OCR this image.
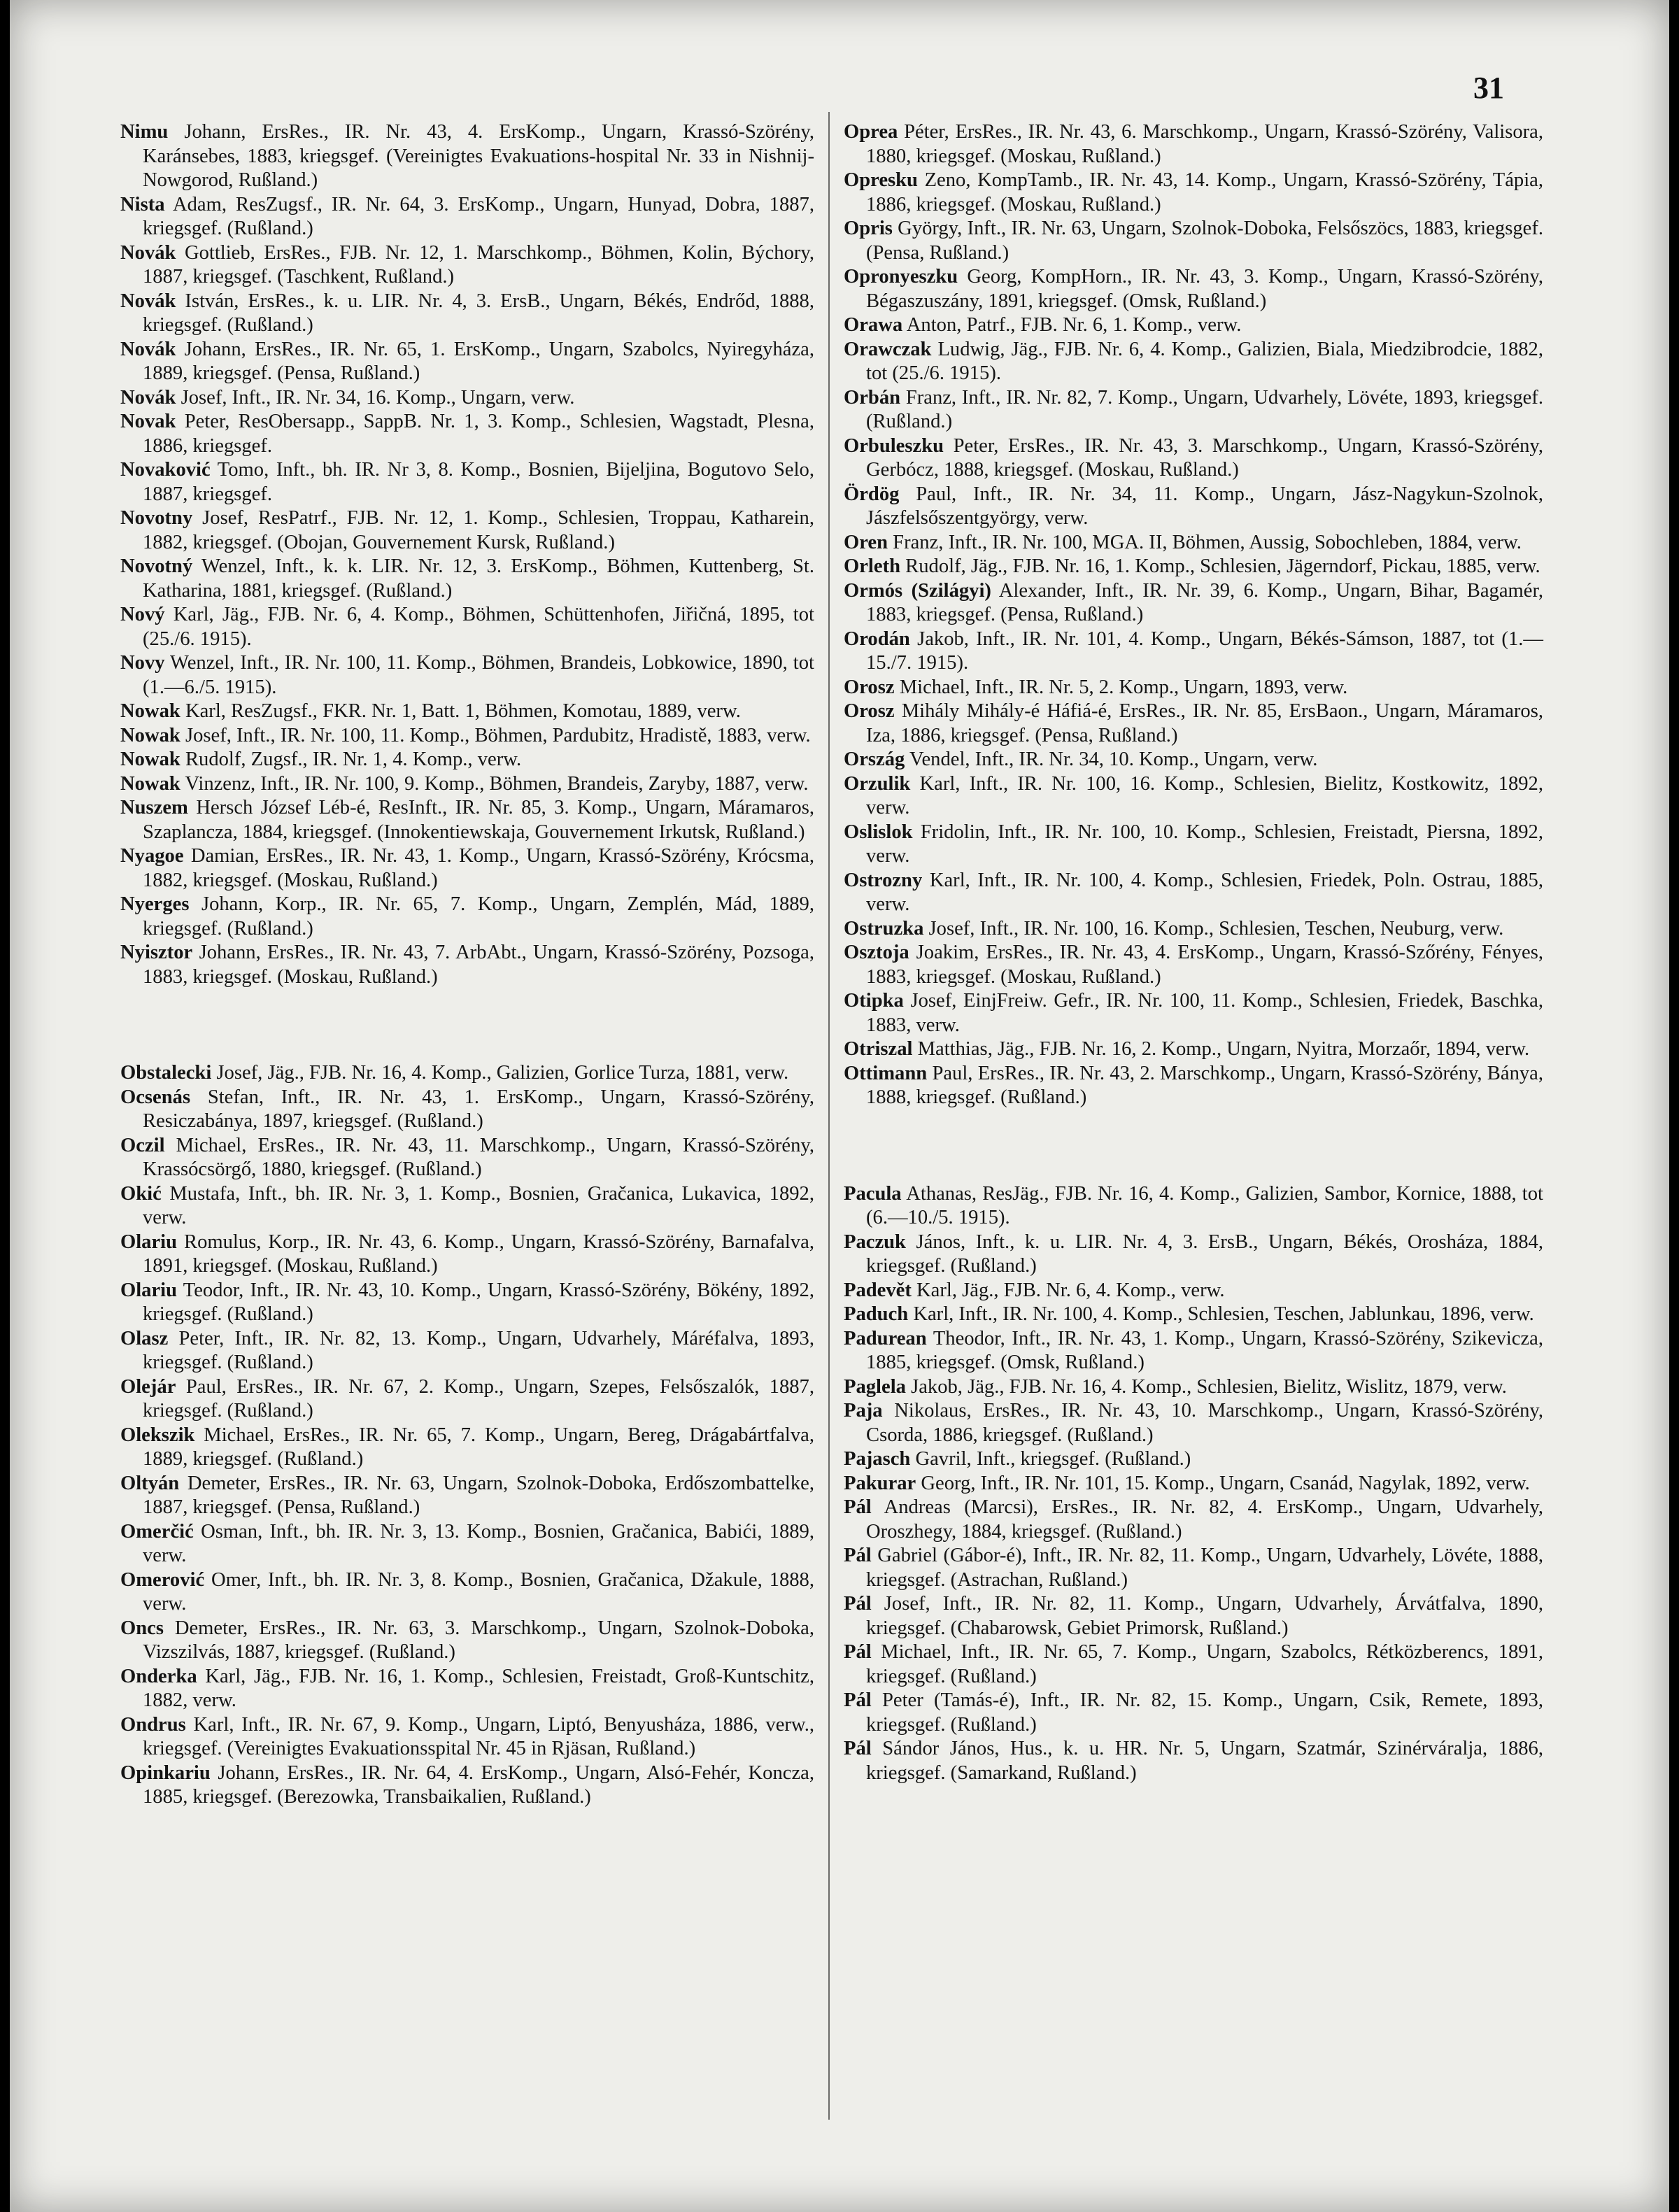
31

Nimu Johann, ErsRes., IR. Nr. 43, 4. ErsKomp., Ungarn, Krassó-Szörény, Karánsebes, 1883, kriegsgef. (Vereinigtes Evakuations-hospital Nr. 33 in Nishnij-Nowgorod, Rußland.)

Nista Adam, ResZugsf., IR. Nr. 64, 3. ErsKomp., Ungarn, Hunyad, Dobra, 1887, kriegsgef. (Rußland.)

Novák Gottlieb, ErsRes., FJB. Nr. 12, 1. Marschkomp., Böhmen, Kolin, Býchory, 1887, kriegsgef. (Taschkent, Rußland.)

Novák István, ErsRes., k. u. LIR. Nr. 4, 3. ErsB., Ungarn, Békés, Endrőd, 1888, kriegsgef. (Rußland.)

Novák Johann, ErsRes., IR. Nr. 65, 1. ErsKomp., Ungarn, Szabolcs, Nyiregyháza, 1889, kriegsgef. (Pensa, Rußland.)

Novák Josef, Inft., IR. Nr. 34, 16. Komp., Ungarn, verw.

Novak Peter, ResObersapp., SappB. Nr. 1, 3. Komp., Schlesien, Wagstadt, Plesna, 1886, kriegsgef.

Novaković Tomo, Inft., bh. IR. Nr 3, 8. Komp., Bosnien, Bijeljina, Bogutovo Selo, 1887, kriegsgef.

Novotny Josef, ResPatrf., FJB. Nr. 12, 1. Komp., Schlesien, Troppau, Katharein, 1882, kriegsgef. (Obojan, Gouvernement Kursk, Rußland.)

Novotný Wenzel, Inft., k. k. LIR. Nr. 12, 3. ErsKomp., Böhmen, Kuttenberg, St. Katharina, 1881, kriegsgef. (Rußland.)

Nový Karl, Jäg., FJB. Nr. 6, 4. Komp., Böhmen, Schüttenhofen, Jiřičná, 1895, tot (25./6. 1915).

Novy Wenzel, Inft., IR. Nr. 100, 11. Komp., Böhmen, Brandeis, Lobkowice, 1890, tot (1.—6./5. 1915).

Nowak Karl, ResZugsf., FKR. Nr. 1, Batt. 1, Böhmen, Komotau, 1889, verw.

Nowak Josef, Inft., IR. Nr. 100, 11. Komp., Böhmen, Pardubitz, Hradistě, 1883, verw.

Nowak Rudolf, Zugsf., IR. Nr. 1, 4. Komp., verw.

Nowak Vinzenz, Inft., IR. Nr. 100, 9. Komp., Böhmen, Brandeis, Zaryby, 1887, verw.

Nuszem Hersch József Léb-é, ResInft., IR. Nr. 85, 3. Komp., Ungarn, Máramaros, Szaplancza, 1884, kriegsgef. (Innokentiewskaja, Gouvernement Irkutsk, Rußland.)

Nyagoe Damian, ErsRes., IR. Nr. 43, 1. Komp., Ungarn, Krassó-Szörény, Krócsma, 1882, kriegsgef. (Moskau, Rußland.)

Nyerges Johann, Korp., IR. Nr. 65, 7. Komp., Ungarn, Zemplén, Mád, 1889, kriegsgef. (Rußland.)

Nyisztor Johann, ErsRes., IR. Nr. 43, 7. ArbAbt., Ungarn, Krassó-Szörény, Pozsoga, 1883, kriegsgef. (Moskau, Rußland.)

Obstalecki Josef, Jäg., FJB. Nr. 16, 4. Komp., Galizien, Gorlice Turza, 1881, verw.

Ocsenás Stefan, Inft., IR. Nr. 43, 1. ErsKomp., Ungarn, Krassó-Szörény, Resiczabánya, 1897, kriegsgef. (Rußland.)

Oczil Michael, ErsRes., IR. Nr. 43, 11. Marschkomp., Ungarn, Krassó-Szörény, Krassócsörgő, 1880, kriegsgef. (Rußland.)

Okić Mustafa, Inft., bh. IR. Nr. 3, 1. Komp., Bosnien, Gračanica, Lukavica, 1892, verw.

Olariu Romulus, Korp., IR. Nr. 43, 6. Komp., Ungarn, Krassó-Szörény, Barnafalva, 1891, kriegsgef. (Moskau, Rußland.)

Olariu Teodor, Inft., IR. Nr. 43, 10. Komp., Ungarn, Krassó-Szörény, Bökény, 1892, kriegsgef. (Rußland.)

Olasz Peter, Inft., IR. Nr. 82, 13. Komp., Ungarn, Udvarhely, Máréfalva, 1893, kriegsgef. (Rußland.)

Olejár Paul, ErsRes., IR. Nr. 67, 2. Komp., Ungarn, Szepes, Felsőszalók, 1887, kriegsgef. (Rußland.)

Olekszik Michael, ErsRes., IR. Nr. 65, 7. Komp., Ungarn, Bereg, Drágabártfalva, 1889, kriegsgef. (Rußland.)

Oltyán Demeter, ErsRes., IR. Nr. 63, Ungarn, Szolnok-Doboka, Erdőszombattelke, 1887, kriegsgef. (Pensa, Rußland.)

Omerčić Osman, Inft., bh. IR. Nr. 3, 13. Komp., Bosnien, Gračanica, Babići, 1889, verw.

Omerović Omer, Inft., bh. IR. Nr. 3, 8. Komp., Bosnien, Gračanica, Džakule, 1888, verw.

Oncs Demeter, ErsRes., IR. Nr. 63, 3. Marschkomp., Ungarn, Szolnok-Doboka, Vizszilvás, 1887, kriegsgef. (Rußland.)

Onderka Karl, Jäg., FJB. Nr. 16, 1. Komp., Schlesien, Freistadt, Groß-Kuntschitz, 1882, verw.

Ondrus Karl, Inft., IR. Nr. 67, 9. Komp., Ungarn, Liptó, Benyusháza, 1886, verw., kriegsgef. (Vereinigtes Evakuationsspital Nr. 45 in Rjäsan, Rußland.)

Opinkariu Johann, ErsRes., IR. Nr. 64, 4. ErsKomp., Ungarn, Alsó-Fehér, Koncza, 1885, kriegsgef. (Berezowka, Transbaikalien, Rußland.)

Oprea Péter, ErsRes., IR. Nr. 43, 6. Marschkomp., Ungarn, Krassó-Szörény, Valisora, 1880, kriegsgef. (Moskau, Rußland.)

Opresku Zeno, KompTamb., IR. Nr. 43, 14. Komp., Ungarn, Krassó-Szörény, Tápia, 1886, kriegsgef. (Moskau, Rußland.)

Opris György, Inft., IR. Nr. 63, Ungarn, Szolnok-Doboka, Felsőszöcs, 1883, kriegsgef. (Pensa, Rußland.)

Opronyeszku Georg, KompHorn., IR. Nr. 43, 3. Komp., Ungarn, Krassó-Szörény, Bégaszuszány, 1891, kriegsgef. (Omsk, Rußland.)

Orawa Anton, Patrf., FJB. Nr. 6, 1. Komp., verw.

Orawczak Ludwig, Jäg., FJB. Nr. 6, 4. Komp., Galizien, Biala, Miedzibrodcie, 1882, tot (25./6. 1915).

Orbán Franz, Inft., IR. Nr. 82, 7. Komp., Ungarn, Udvarhely, Lövéte, 1893, kriegsgef. (Rußland.)

Orbuleszku Peter, ErsRes., IR. Nr. 43, 3. Marschkomp., Ungarn, Krassó-Szörény, Gerbócz, 1888, kriegsgef. (Moskau, Rußland.)

Ördög Paul, Inft., IR. Nr. 34, 11. Komp., Ungarn, Jász-Nagykun-Szolnok, Jászfelsőszentgyörgy, verw.

Oren Franz, Inft., IR. Nr. 100, MGA. II, Böhmen, Aussig, Sobochleben, 1884, verw.

Orleth Rudolf, Jäg., FJB. Nr. 16, 1. Komp., Schlesien, Jägerndorf, Pickau, 1885, verw.

Ormós (Szilágyi) Alexander, Inft., IR. Nr. 39, 6. Komp., Ungarn, Bihar, Bagamér, 1883, kriegsgef. (Pensa, Rußland.)

Orodán Jakob, Inft., IR. Nr. 101, 4. Komp., Ungarn, Békés-Sámson, 1887, tot (1.—15./7. 1915).

Orosz Michael, Inft., IR. Nr. 5, 2. Komp., Ungarn, 1893, verw.

Orosz Mihály Mihály-é Háfiá-é, ErsRes., IR. Nr. 85, ErsBaon., Ungarn, Máramaros, Iza, 1886, kriegsgef. (Pensa, Rußland.)

Ország Vendel, Inft., IR. Nr. 34, 10. Komp., Ungarn, verw.

Orzulik Karl, Inft., IR. Nr. 100, 16. Komp., Schlesien, Bielitz, Kostkowitz, 1892, verw.

Oslislok Fridolin, Inft., IR. Nr. 100, 10. Komp., Schlesien, Freistadt, Piersna, 1892, verw.

Ostrozny Karl, Inft., IR. Nr. 100, 4. Komp., Schlesien, Friedek, Poln. Ostrau, 1885, verw.

Ostruzka Josef, Inft., IR. Nr. 100, 16. Komp., Schlesien, Teschen, Neuburg, verw.

Osztoja Joakim, ErsRes., IR. Nr. 43, 4. ErsKomp., Ungarn, Krassó-Szőrény, Fényes, 1883, kriegsgef. (Moskau, Rußland.)

Otipka Josef, EinjFreiw. Gefr., IR. Nr. 100, 11. Komp., Schlesien, Friedek, Baschka, 1883, verw.

Otriszal Matthias, Jäg., FJB. Nr. 16, 2. Komp., Ungarn, Nyitra, Morzaőr, 1894, verw.

Ottimann Paul, ErsRes., IR. Nr. 43, 2. Marschkomp., Ungarn, Krassó-Szörény, Bánya, 1888, kriegsgef. (Rußland.)

Pacula Athanas, ResJäg., FJB. Nr. 16, 4. Komp., Galizien, Sambor, Kornice, 1888, tot (6.—10./5. 1915).

Paczuk János, Inft., k. u. LIR. Nr. 4, 3. ErsB., Ungarn, Békés, Orosháza, 1884, kriegsgef. (Rußland.)

Padevět Karl, Jäg., FJB. Nr. 6, 4. Komp., verw.

Paduch Karl, Inft., IR. Nr. 100, 4. Komp., Schlesien, Teschen, Jablunkau, 1896, verw.

Padurean Theodor, Inft., IR. Nr. 43, 1. Komp., Ungarn, Krassó-Szörény, Szikevicza, 1885, kriegsgef. (Omsk, Rußland.)

Paglela Jakob, Jäg., FJB. Nr. 16, 4. Komp., Schlesien, Bielitz, Wislitz, 1879, verw.

Paja Nikolaus, ErsRes., IR. Nr. 43, 10. Marschkomp., Ungarn, Krassó-Szörény, Csorda, 1886, kriegsgef. (Rußland.)

Pajasch Gavril, Inft., kriegsgef. (Rußland.)

Pakurar Georg, Inft., IR. Nr. 101, 15. Komp., Ungarn, Csanád, Nagylak, 1892, verw.

Pál Andreas (Marcsi), ErsRes., IR. Nr. 82, 4. ErsKomp., Ungarn, Udvarhely, Oroszhegy, 1884, kriegsgef. (Rußland.)

Pál Gabriel (Gábor-é), Inft., IR. Nr. 82, 11. Komp., Ungarn, Udvarhely, Lövéte, 1888, kriegsgef. (Astrachan, Rußland.)

Pál Josef, Inft., IR. Nr. 82, 11. Komp., Ungarn, Udvarhely, Árvátfalva, 1890, kriegsgef. (Chabarowsk, Gebiet Primorsk, Rußland.)

Pál Michael, Inft., IR. Nr. 65, 7. Komp., Ungarn, Szabolcs, Rétközberencs, 1891, kriegsgef. (Rußland.)

Pál Peter (Tamás-é), Inft., IR. Nr. 82, 15. Komp., Ungarn, Csik, Remete, 1893, kriegsgef. (Rußland.)

Pál Sándor János, Hus., k. u. HR. Nr. 5, Ungarn, Szatmár, Szinérváralja, 1886, kriegsgef. (Samarkand, Rußland.)
